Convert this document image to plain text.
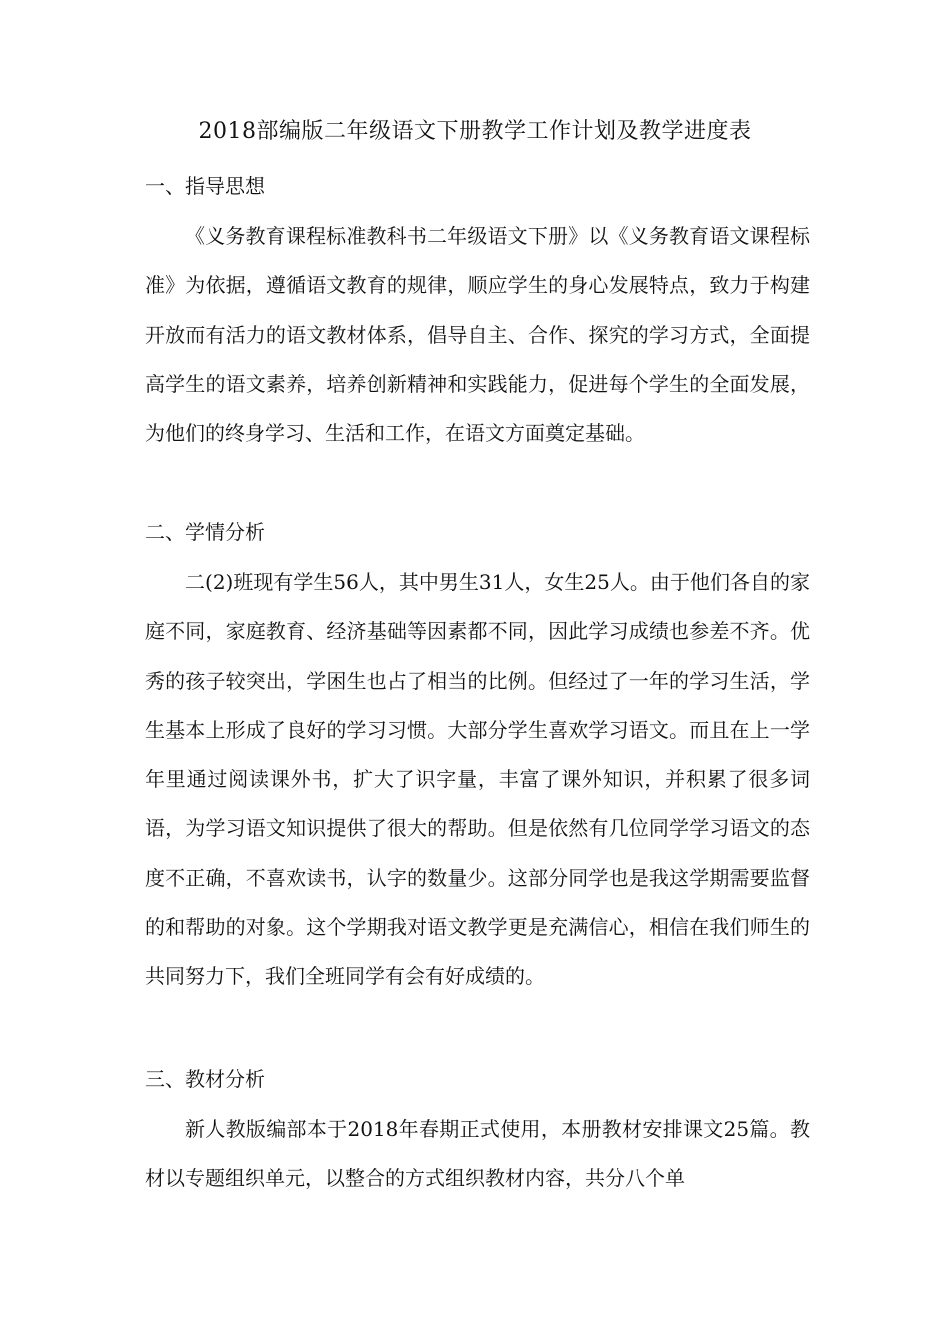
2018部编版二年级语文下册教学工作计划及教学进度表
一、指导思想

《义务教育课程标准教科书二年级语文下册》以《义务教育语文课程标准》为依据，遵循语文教育的规律，顺应学生的身心发展特点，致力于构建开放而有活力的语文教材体系，倡导自主、合作、探究的学习方式，全面提高学生的语文素养，培养创新精神和实践能力，促进每个学生的全面发展，为他们的终身学习、生活和工作，在语文方面奠定基础。

二、学情分析

二(2)班现有学生56人，其中男生31人，女生25人。由于他们各自的家庭不同，家庭教育、经济基础等因素都不同，因此学习成绩也参差不齐。优秀的孩子较突出，学困生也占了相当的比例。但经过了一年的学习生活，学生基本上形成了良好的学习习惯。大部分学生喜欢学习语文。而且在上一学年里通过阅读课外书，扩大了识字量，丰富了课外知识，并积累了很多词语，为学习语文知识提供了很大的帮助。但是依然有几位同学学习语文的态度不正确，不喜欢读书，认字的数量少。这部分同学也是我这学期需要监督的和帮助的对象。这个学期我对语文教学更是充满信心，相信在我们师生的共同努力下，我们全班同学有会有好成绩的。

三、教材分析

新人教版编部本于2018年春期正式使用，本册教材安排课文25篇。教材以专题组织单元，以整合的方式组织教材内容，共分八个单
